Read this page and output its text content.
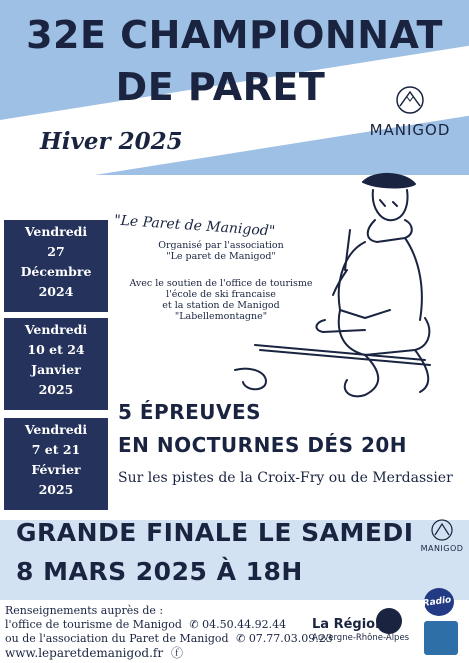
32E CHAMPIONNAT
DE PARET
MANIGOD
Hiver 2025
Vendredi
27
Décembre
2024
Vendredi
10 et 24
Janvier
2025
Vendredi
7 et 21
Février
2025
"Le Paret de Manigod"
Organisé par l'association
"Le paret de Manigod"
Avec le soutien de l'office de tourisme
l'école de ski francaise
et la station de Manigod
"Labellemontagne"
5 ÉPREUVES
EN NOCTURNES DÉS 20H
Sur les pistes de la Croix-Fry ou de Merdassier
GRANDE FINALE LE SAMEDI
8 MARS 2025 À 18H
MANIGOD
Radio
Renseignements auprès de :
l'office de tourisme de Manigod ✆ 04.50.44.92.44
ou de l'association du Paret de Manigod ✆ 07.77.03.09.23
www.leparetdemanigod.fr ⓕ
La Région
Auvergne-Rhône-Alpes
